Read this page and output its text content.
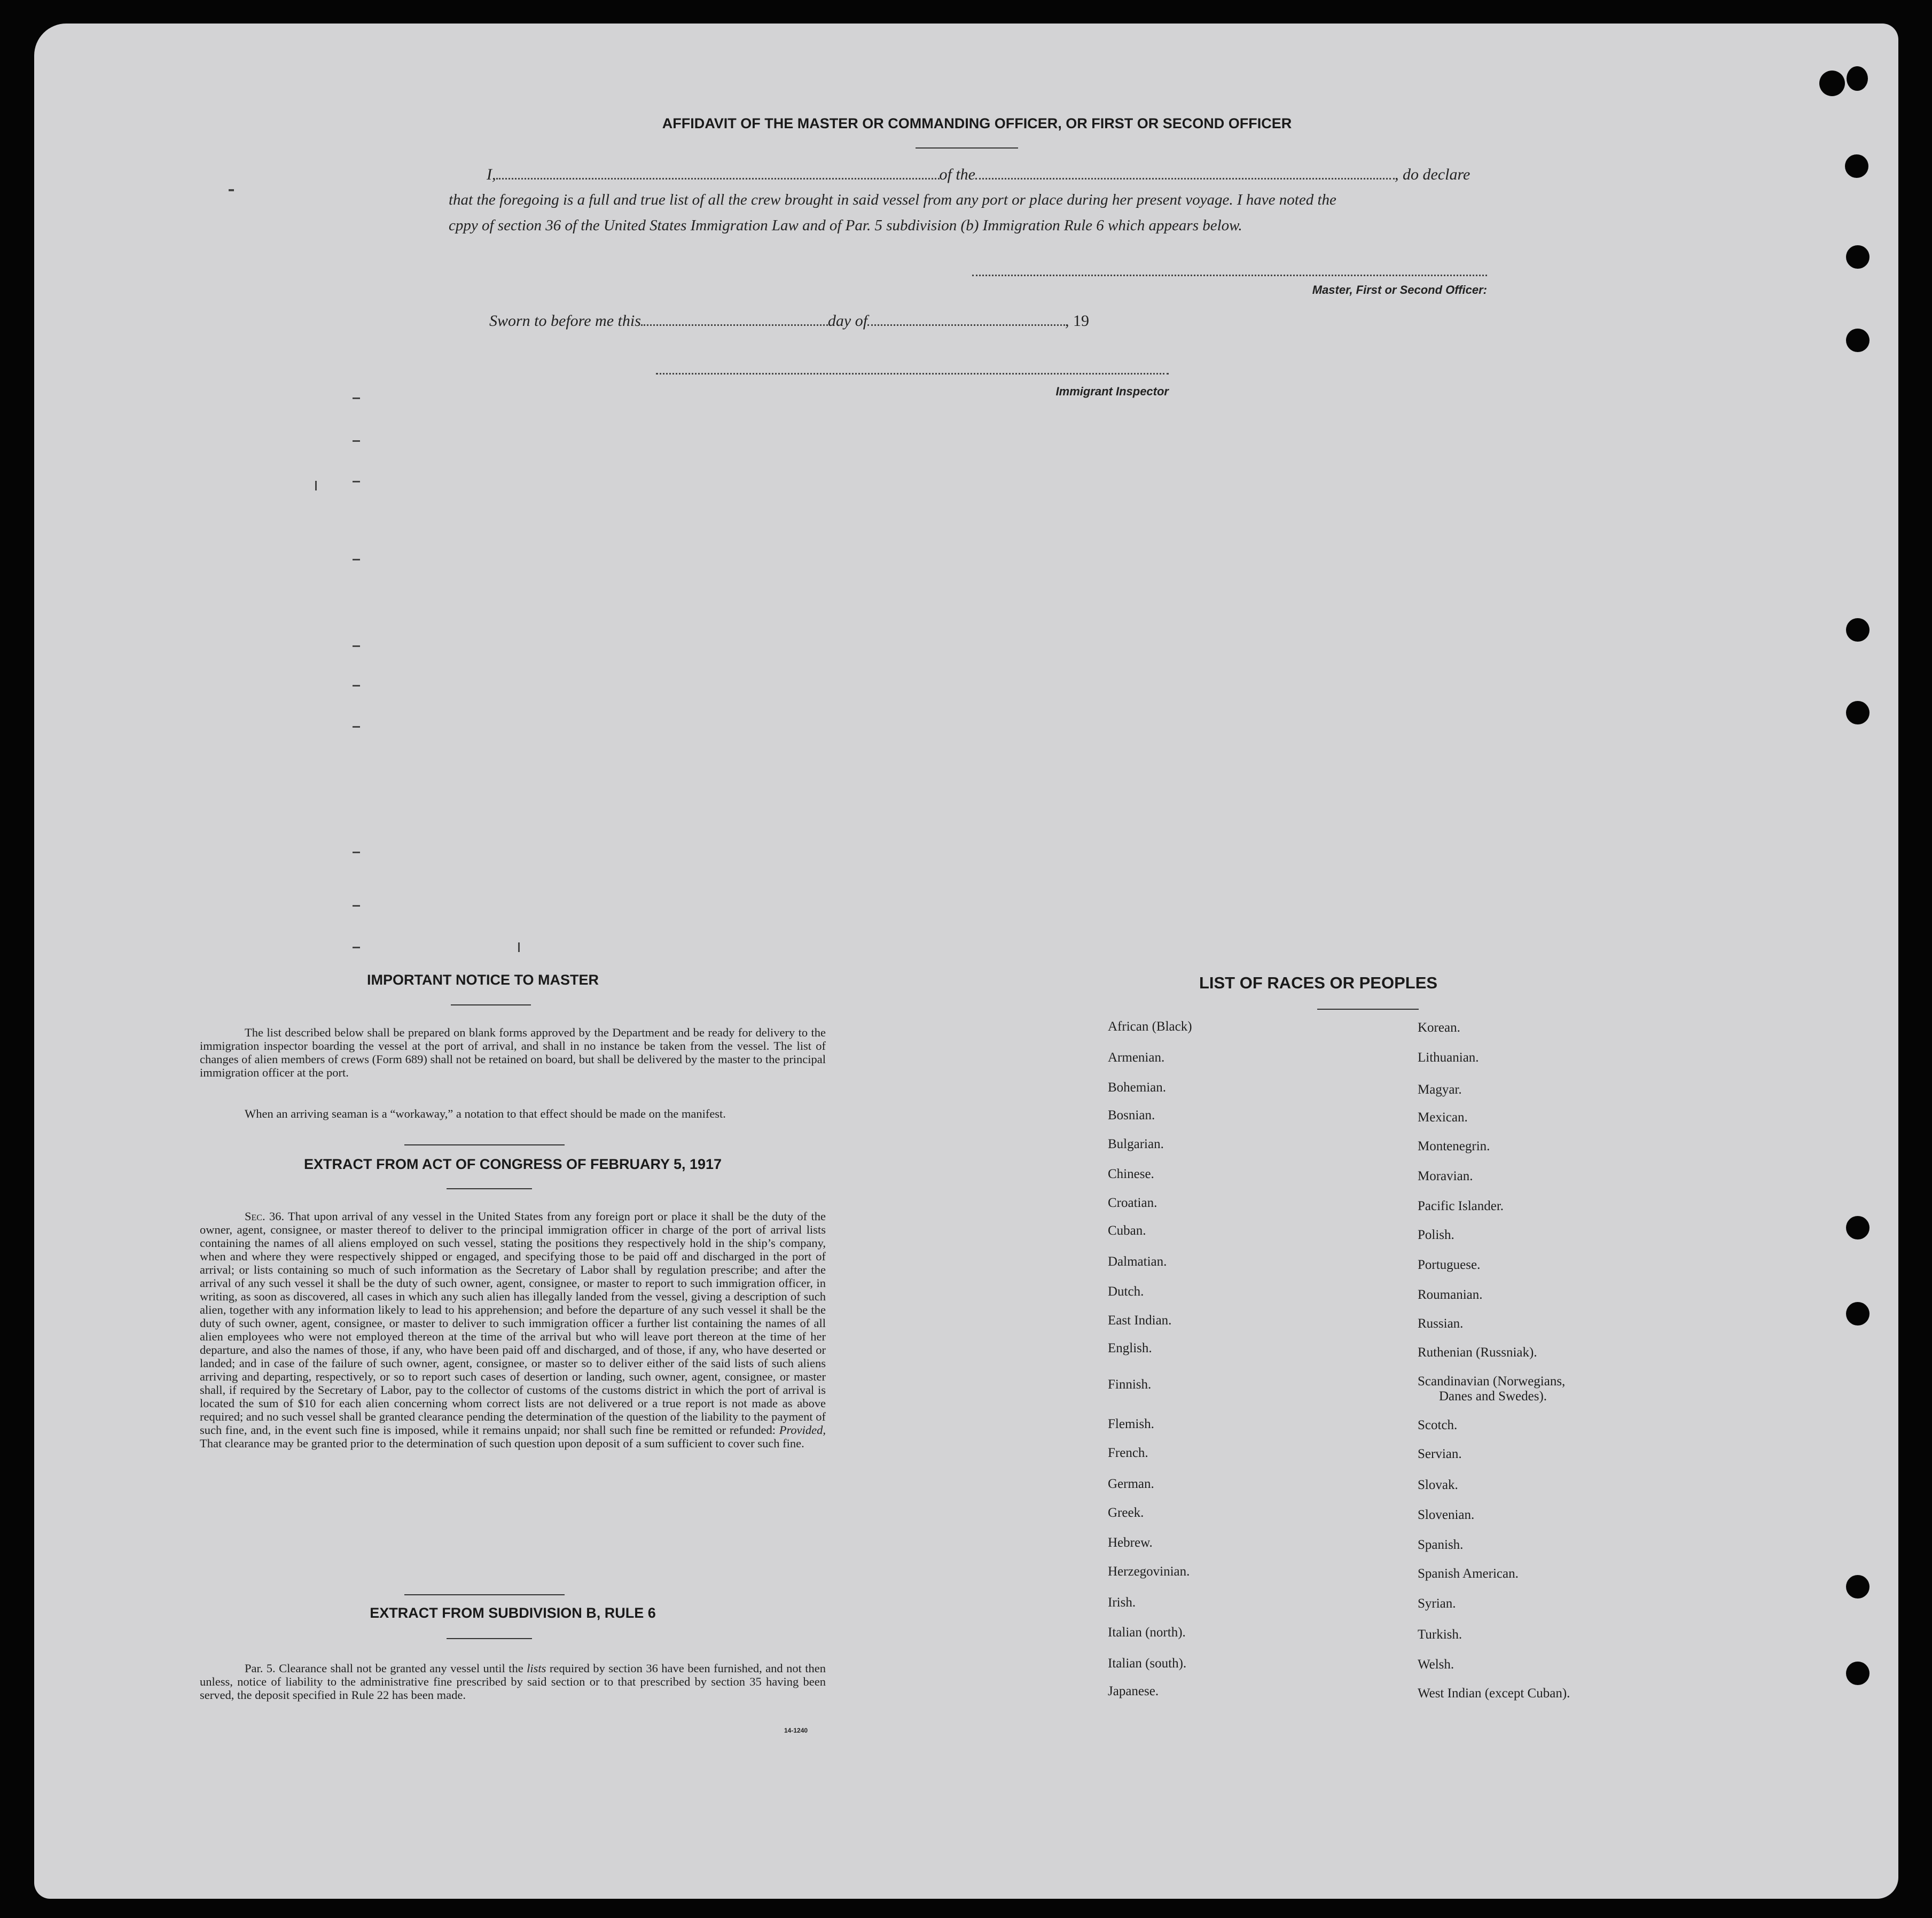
AFFIDAVIT OF THE MASTER OR COMMANDING OFFICER, OR FIRST OR SECOND OFFICER
I,	of the	, do declare
that the foregoing is a full and true list of all the crew brought in said vessel from any port or place during her present voyage. I have noted the
cppy of section 36 of the United States Immigration Law and of Par. 5 subdivision (b) Immigration Rule 6 which appears below.
Master, First or Second Officer:
Sworn to before me this	day of	, 19
Immigrant Inspector
IMPORTANT NOTICE TO MASTER
The list described below shall be prepared on blank forms approved by the Department and be ready for delivery to the immigration inspector boarding the vessel at the port of arrival, and shall in no instance be taken from the vessel. The list of changes of alien members of crews (Form 689) shall not be retained on board, but shall be delivered by the master to the principal immigration officer at the port.
When an arriving seaman is a “workaway,” a notation to that effect should be made on the manifest.
EXTRACT FROM ACT OF CONGRESS OF FEBRUARY 5, 1917
Sec. 36. That upon arrival of any vessel in the United States from any foreign port or place it shall be the duty of the owner, agent, consignee, or master thereof to deliver to the principal immigration officer in charge of the port of arrival lists containing the names of all aliens employed on such vessel, stating the positions they respectively hold in the ship’s company, when and where they were respectively shipped or engaged, and specifying those to be paid off and discharged in the port of arrival; or lists containing so much of such information as the Secretary of Labor shall by regulation prescribe; and after the arrival of any such vessel it shall be the duty of such owner, agent, consignee, or master to report to such immigration officer, in writing, as soon as discovered, all cases in which any such alien has illegally landed from the vessel, giving a description of such alien, together with any information likely to lead to his apprehension; and before the departure of any such vessel it shall be the duty of such owner, agent, consignee, or master to deliver to such immigration officer a further list containing the names of all alien employees who were not employed thereon at the time of the arrival but who will leave port thereon at the time of her departure, and also the names of those, if any, who have been paid off and discharged, and of those, if any, who have deserted or landed; and in case of the failure of such owner, agent, consignee, or master so to deliver either of the said lists of such aliens arriving and departing, respectively, or so to report such cases of desertion or landing, such owner, agent, consignee, or master shall, if required by the Secretary of Labor, pay to the collector of customs of the customs district in which the port of arrival is located the sum of $10 for each alien concerning whom correct lists are not delivered or a true report is not made as above required; and no such vessel shall be granted clearance pending the determination of the question of the liability to the payment of such fine, and, in the event such fine is imposed, while it remains unpaid; nor shall such fine be remitted or refunded: Provided, That clearance may be granted prior to the determination of such question upon deposit of a sum sufficient to cover such fine.
EXTRACT FROM SUBDIVISION B, RULE 6
Par. 5. Clearance shall not be granted any vessel until the lists required by section 36 have been furnished, and not then unless, notice of liability to the administrative fine prescribed by said section or to that prescribed by section 35 having been served, the deposit specified in Rule 22 has been made.
14-1240
LIST OF RACES OR PEOPLES
African (Black)
Armenian.
Bohemian.
Bosnian.
Bulgarian.
Chinese.
Croatian.
Cuban.
Dalmatian.
Dutch.
East Indian.
English.
Finnish.
Flemish.
French.
German.
Greek.
Hebrew.
Herzegovinian.
Irish.
Italian (north).
Italian (south).
Japanese.
Korean.
Lithuanian.
Magyar.
Mexican.
Montenegrin.
Moravian.
Pacific Islander.
Polish.
Portuguese.
Roumanian.
Russian.
Ruthenian (Russniak).
Scandinavian (Norwegians,
Scotch.
Servian.
Slovak.
Slovenian.
Spanish.
Spanish American.
Syrian.
Turkish.
Welsh.
West Indian (except Cuban).
Danes and Swedes).
